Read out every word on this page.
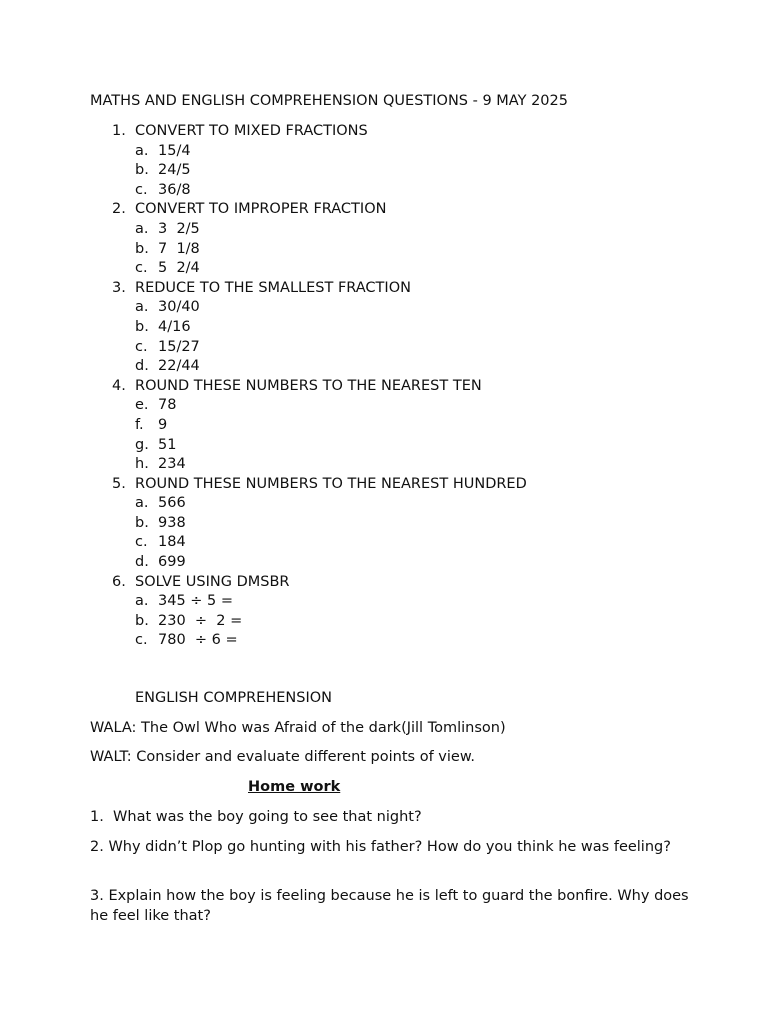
MATHS AND ENGLISH COMPREHENSION QUESTIONS - 9 MAY 2025
1. CONVERT TO MIXED FRACTIONS
a. 15/4
b. 24/5
c. 36/8
2. CONVERT TO IMPROPER FRACTION
a. 3  2/5
b. 7  1/8
c. 5  2/4
3. REDUCE TO THE SMALLEST FRACTION
a. 30/40
b. 4/16
c. 15/27
d. 22/44
4. ROUND THESE NUMBERS TO THE NEAREST TEN
e. 78
f. 9
g. 51
h. 234
5. ROUND THESE NUMBERS TO THE NEAREST HUNDRED
a. 566
b. 938
c. 184
d. 699
6. SOLVE USING DMSBR
a. 345 ÷ 5 =
b. 230  ÷  2 =
c. 780  ÷ 6 =
ENGLISH COMPREHENSION
WALA: The Owl Who was Afraid of the dark(Jill Tomlinson)
WALT: Consider and evaluate different points of view.
Home work
1.  What was the boy going to see that night?
2. Why didn’t Plop go hunting with his father? How do you think he was feeling?
3. Explain how the boy is feeling because he is left to guard the bonfire. Why does he feel like that?
